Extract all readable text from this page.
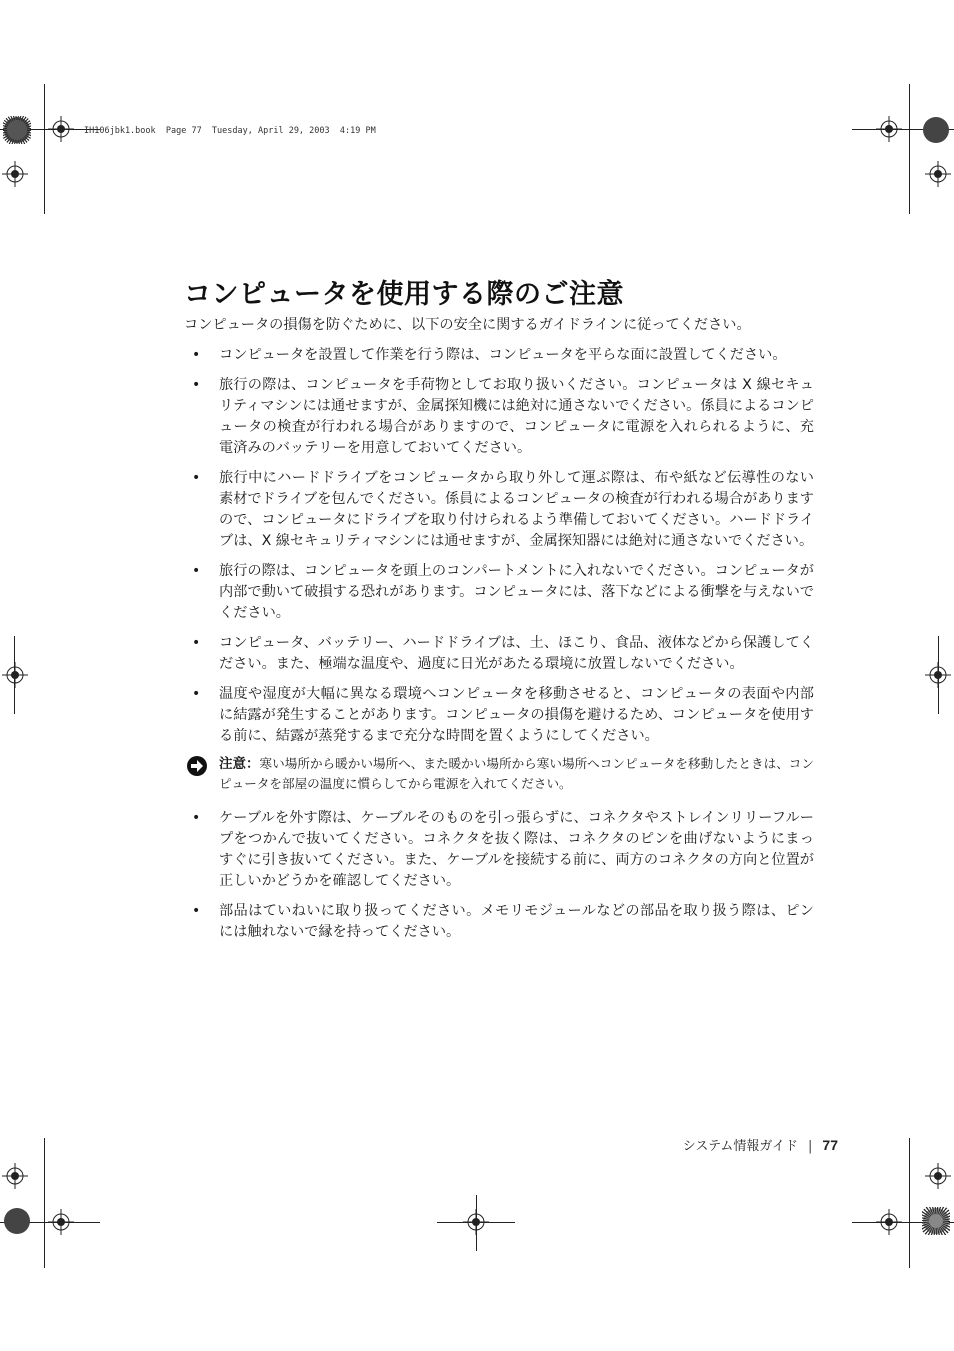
IH106jbk1.book  Page 77  Tuesday, April 29, 2003  4:19 PM
コンピュータを使用する際のご注意

コンピュータの損傷を防ぐために、以下の安全に関するガイドラインに従ってください。

• コンピュータを設置して作業を行う際は、コンピュータを平らな面に設置してください。
• 旅行の際は、コンピュータを手荷物としてお取り扱いください。コンピュータは X 線セキュリティマシンには通せますが、金属探知機には絶対に通さないでください。係員によるコンピュータの検査が行われる場合がありますので、コンピュータに電源を入れられるように、充電済みのバッテリーを用意しておいてください。
• 旅行中にハードドライブをコンピュータから取り外して運ぶ際は、布や紙など伝導性のない素材でドライブを包んでください。係員によるコンピュータの検査が行われる場合がありますので、コンピュータにドライブを取り付けられるよう準備しておいてください。ハードドライブは、X 線セキュリティマシンには通せますが、金属探知器には絶対に通さないでください。
• 旅行の際は、コンピュータを頭上のコンパートメントに入れないでください。コンピュータが内部で動いて破損する恐れがあります。コンピュータには、落下などによる衝撃を与えないでください。
• コンピュータ、バッテリー、ハードドライブは、土、ほこり、食品、液体などから保護してください。また、極端な温度や、過度に日光があたる環境に放置しないでください。
• 温度や湿度が大幅に異なる環境へコンピュータを移動させると、コンピュータの表面や内部に結露が発生することがあります。コンピュータの損傷を避けるため、コンピュータを使用する前に、結露が蒸発するまで充分な時間を置くようにしてください。
注意：寒い場所から暖かい場所へ、また暖かい場所から寒い場所へコンピュータを移動したときは、コンピュータを部屋の温度に慣らしてから電源を入れてください。
• ケーブルを外す際は、ケーブルそのものを引っ張らずに、コネクタやストレインリリーフループをつかんで抜いてください。コネクタを抜く際は、コネクタのピンを曲げないようにまっすぐに引き抜いてください。また、ケーブルを接続する前に、両方のコネクタの方向と位置が正しいかどうかを確認してください。
• 部品はていねいに取り扱ってください。メモリモジュールなどの部品を取り扱う際は、ピンには触れないで縁を持ってください。
システム情報ガイド | 77
